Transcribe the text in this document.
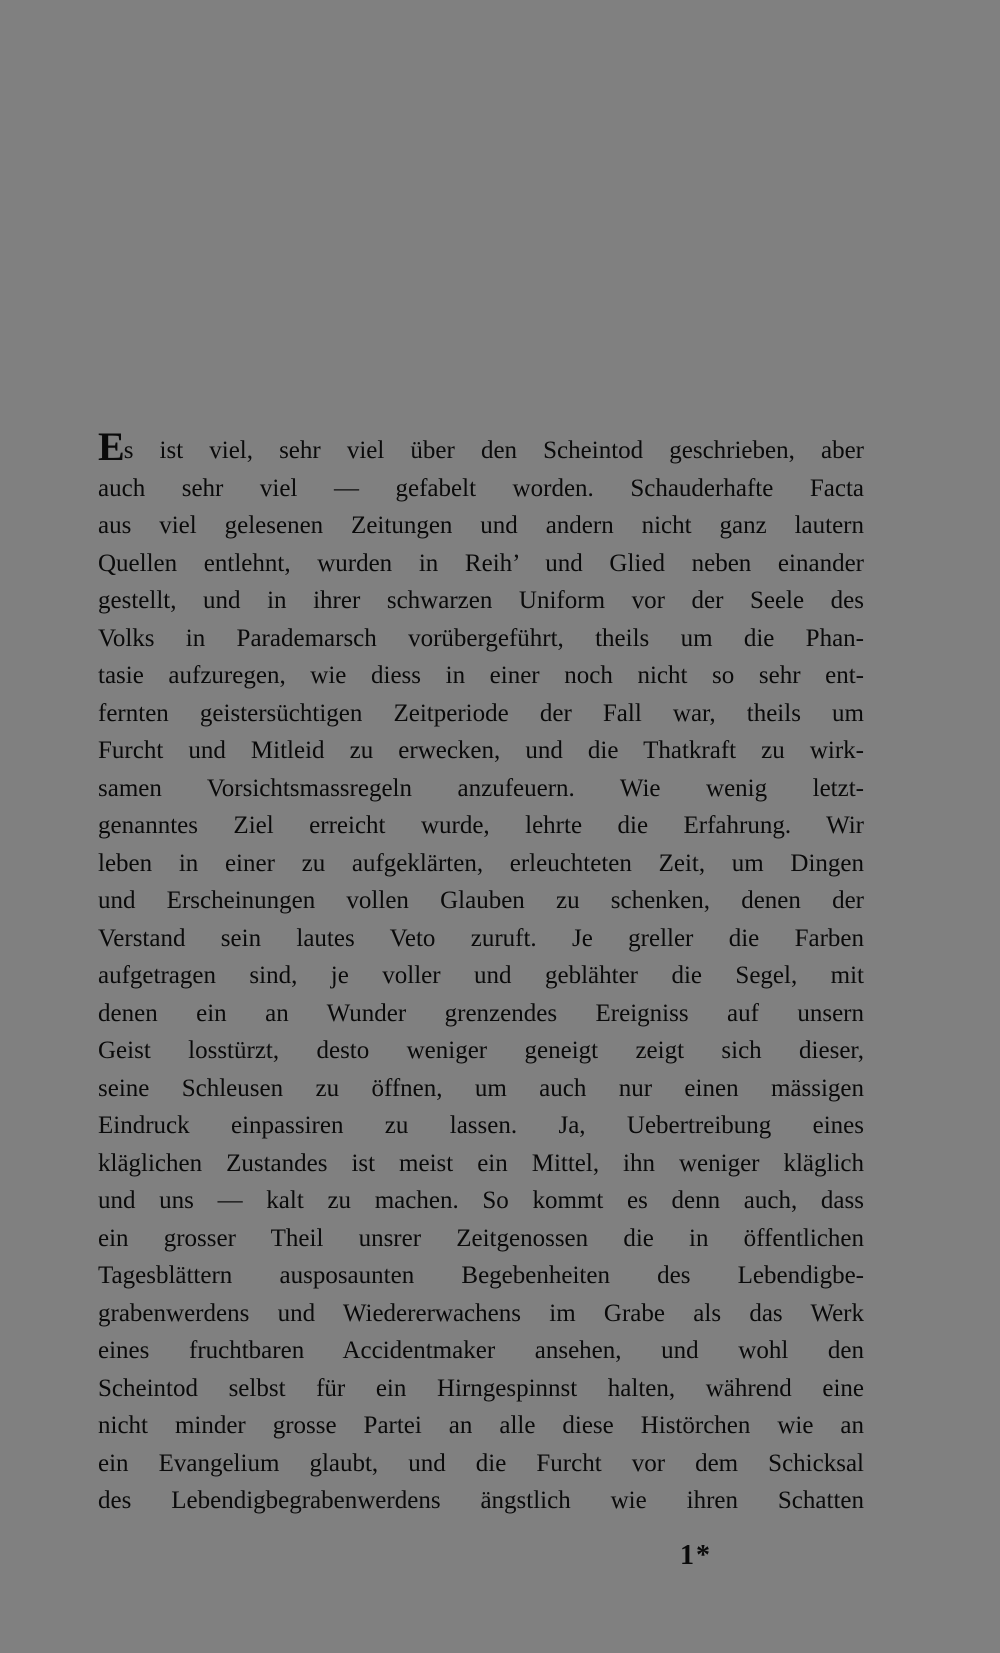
Es ist viel, sehr viel über den Scheintod geschrieben, aber
auch sehr viel — gefabelt worden. Schauderhafte Facta
aus viel gelesenen Zeitungen und andern nicht ganz lautern
Quellen entlehnt, wurden in Reih’ und Glied neben einander
gestellt, und in ihrer schwarzen Uniform vor der Seele des
Volks in Parademarsch vorübergeführt, theils um die Phan-
tasie aufzuregen, wie diess in einer noch nicht so sehr ent-
fernten geistersüchtigen Zeitperiode der Fall war, theils um
Furcht und Mitleid zu erwecken, und die Thatkraft zu wirk-
samen Vorsichtsmassregeln anzufeuern. Wie wenig letzt-
genanntes Ziel erreicht wurde, lehrte die Erfahrung. Wir
leben in einer zu aufgeklärten, erleuchteten Zeit, um Dingen
und Erscheinungen vollen Glauben zu schenken, denen der
Verstand sein lautes Veto zuruft. Je greller die Farben
aufgetragen sind, je voller und geblähter die Segel, mit
denen ein an Wunder grenzendes Ereigniss auf unsern
Geist losstürzt, desto weniger geneigt zeigt sich dieser,
seine Schleusen zu öffnen, um auch nur einen mässigen
Eindruck einpassiren zu lassen. Ja, Uebertreibung eines
kläglichen Zustandes ist meist ein Mittel, ihn weniger kläglich
und uns — kalt zu machen. So kommt es denn auch, dass
ein grosser Theil unsrer Zeitgenossen die in öffentlichen
Tagesblättern ausposaunten Begebenheiten des Lebendigbe-
grabenwerdens und Wiedererwachens im Grabe als das Werk
eines fruchtbaren Accidentmaker ansehen, und wohl den
Scheintod selbst für ein Hirngespinnst halten, während eine
nicht minder grosse Partei an alle diese Histörchen wie an
ein Evangelium glaubt, und die Furcht vor dem Schicksal
des Lebendigbegrabenwerdens ängstlich wie ihren Schatten
1*
